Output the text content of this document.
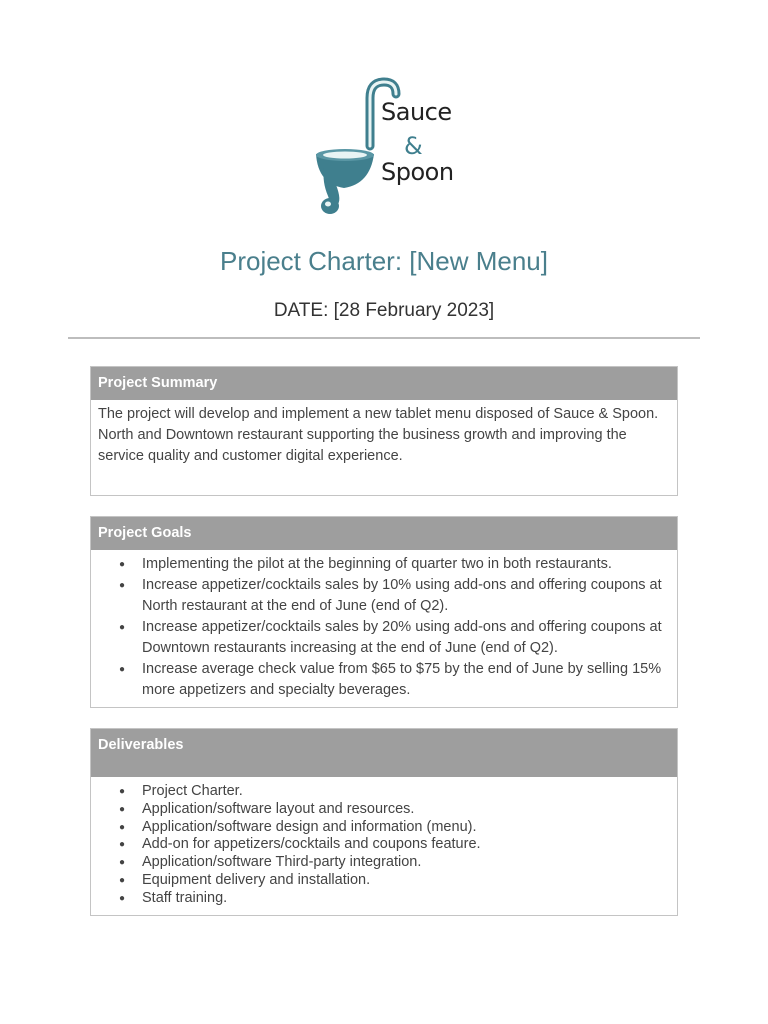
Sauce
&
Spoon
Project Charter: [New Menu]

DATE: [28 February 2023]

Project Summary
The project will develop and implement a new tablet menu disposed of Sauce & Spoon. North and Downtown restaurant supporting the business growth and improving the service quality and customer digital experience.
Project Goals
● Implementing the pilot at the beginning of quarter two in both restaurants.
● Increase appetizer/cocktails sales by 10% using add-ons and offering coupons at North restaurant at the end of June (end of Q2).
● Increase appetizer/cocktails sales by 20% using add-ons and offering coupons at Downtown restaurants increasing at the end of June (end of Q2).
● Increase average check value from $65 to $75 by the end of June by selling 15% more appetizers and specialty beverages.
Deliverables
● Project Charter.
● Application/software layout and resources.
● Application/software design and information (menu).
● Add-on for appetizers/cocktails and coupons feature.
● Application/software Third-party integration.
● Equipment delivery and installation.
● Staff training.
